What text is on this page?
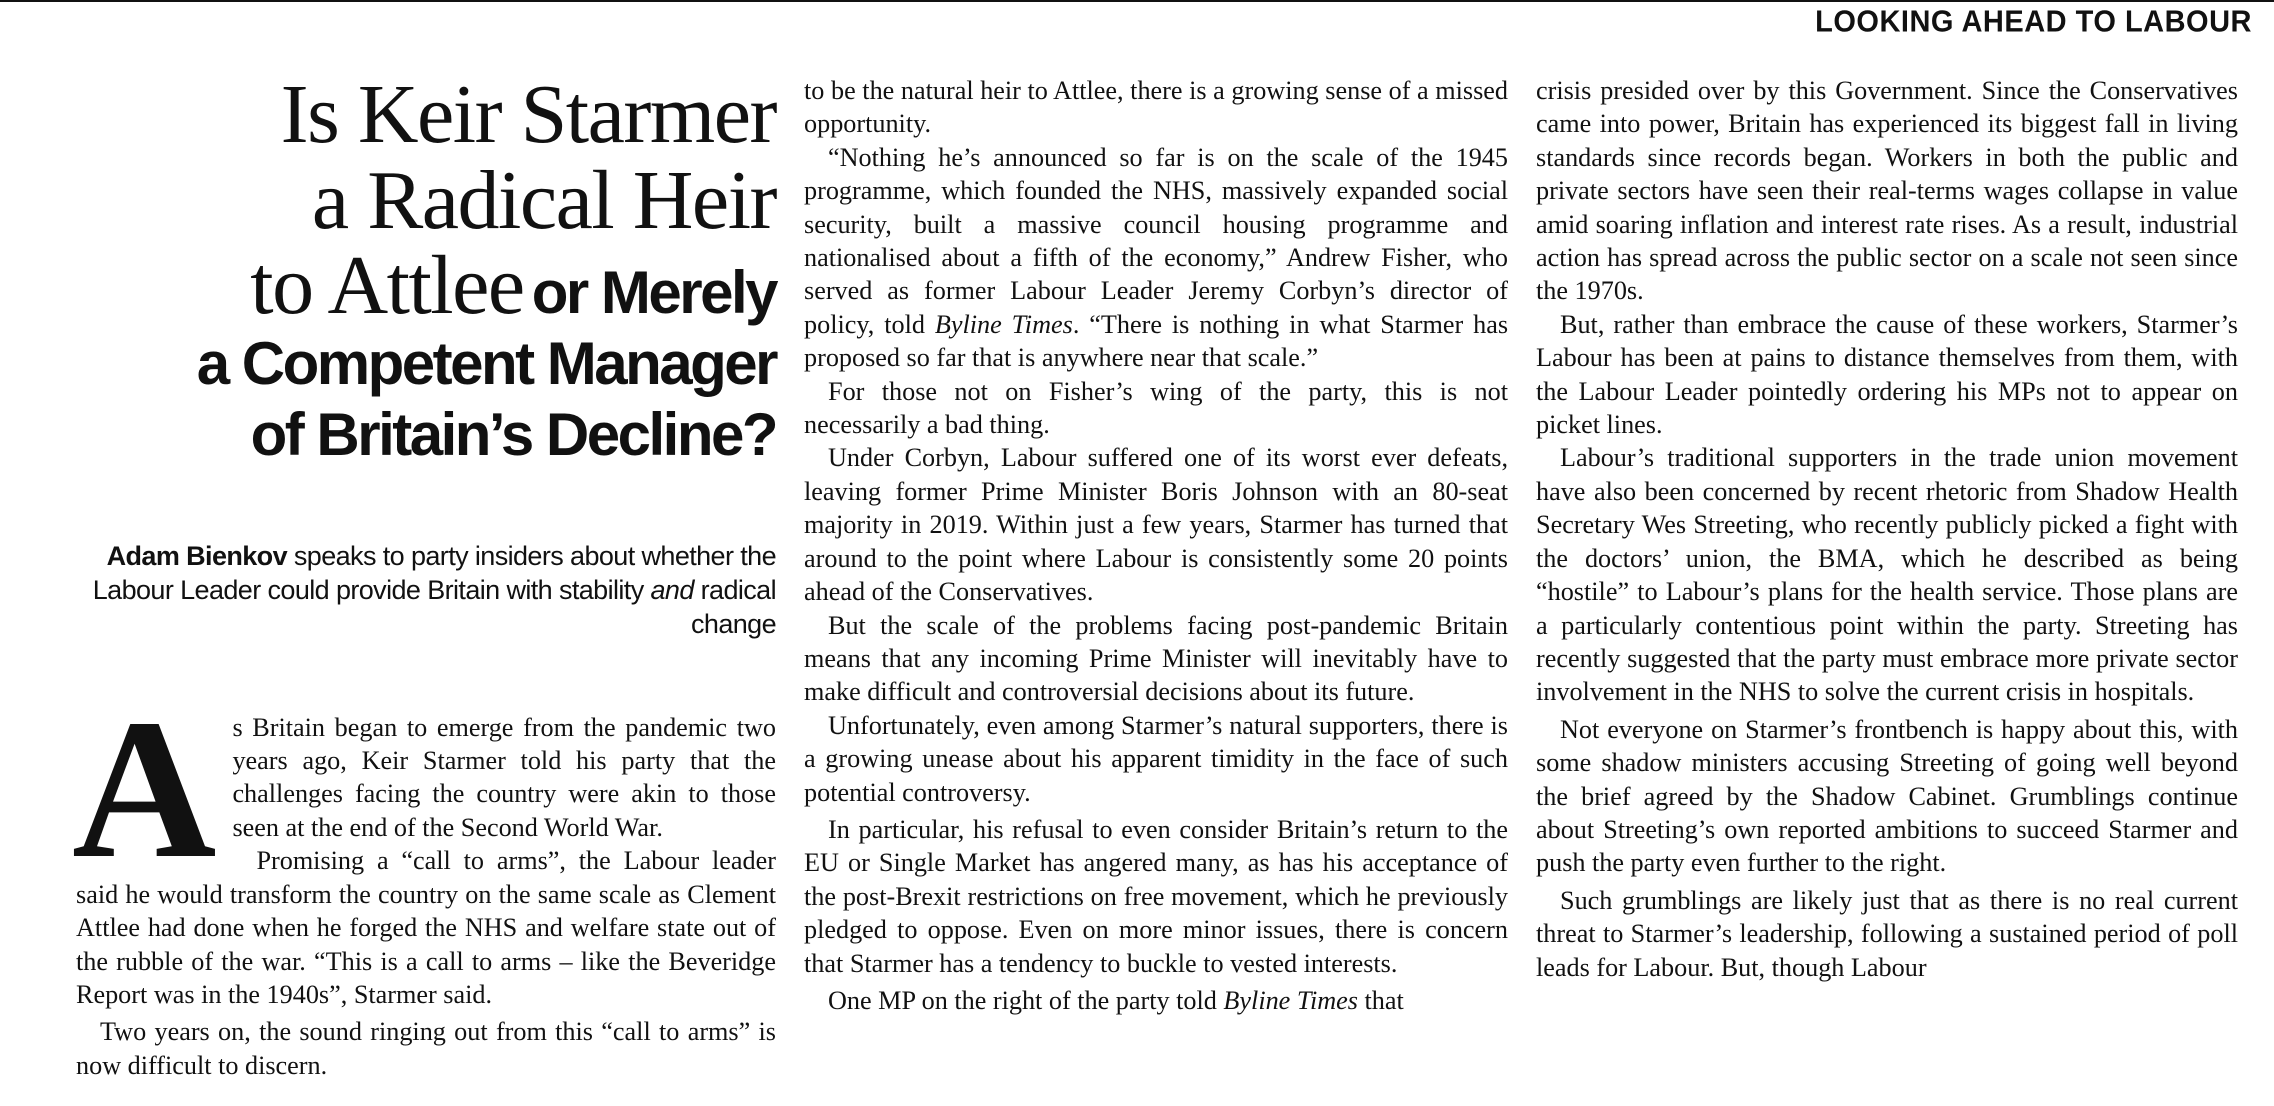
LOOKING AHEAD TO LABOUR
Is Keir Starmer
a Radical Heir
to Attlee or Merely
a Competent Manager
of Britain’s Decline?

Adam Bienkov speaks to party insiders about whether the Labour Leader could provide Britain with stability and radical change

As Britain began to emerge from the pandemic two years ago, Keir Starmer told his party that the challenges facing the country were akin to those seen at the end of the Second World War.

Promising a “call to arms”, the Labour leader said he would transform the country on the same scale as Clement Attlee had done when he forged the NHS and welfare state out of the rubble of the war. “This is a call to arms – like the Beveridge Report was in the 1940s”, Starmer said.

Two years on, the sound ringing out from this “call to arms” is now difficult to discern.

to be the natural heir to Attlee, there is a growing sense of a missed opportunity.

“Nothing he’s announced so far is on the scale of the 1945 programme, which founded the NHS, massively expanded social security, built a massive council housing programme and nationalised about a fifth of the economy,” Andrew Fisher, who served as former Labour Leader Jeremy Corbyn’s director of policy, told Byline Times. “There is nothing in what Starmer has proposed so far that is anywhere near that scale.”

For those not on Fisher’s wing of the party, this is not necessarily a bad thing.

Under Corbyn, Labour suffered one of its worst ever defeats, leaving former Prime Minister Boris Johnson with an 80-seat majority in 2019. Within just a few years, Starmer has turned that around to the point where Labour is consistently some 20 points ahead of the Conservatives.

But the scale of the problems facing post-pandemic Britain means that any incoming Prime Minister will inevitably have to make difficult and controversial decisions about its future.

Unfortunately, even among Starmer’s natural supporters, there is a growing unease about his apparent timidity in the face of such potential controversy.

In particular, his refusal to even consider Britain’s return to the EU or Single Market has angered many, as has his acceptance of the post-Brexit restrictions on free movement, which he previously pledged to oppose. Even on more minor issues, there is concern that Starmer has a tendency to buckle to vested interests.

One MP on the right of the party told Byline Times that

crisis presided over by this Government. Since the Conservatives came into power, Britain has experienced its biggest fall in living standards since records began. Workers in both the public and private sectors have seen their real-terms wages collapse in value amid soaring inflation and interest rate rises. As a result, industrial action has spread across the public sector on a scale not seen since the 1970s.

But, rather than embrace the cause of these workers, Starmer’s Labour has been at pains to distance themselves from them, with the Labour Leader pointedly ordering his MPs not to appear on picket lines.

Labour’s traditional supporters in the trade union movement have also been concerned by recent rhetoric from Shadow Health Secretary Wes Streeting, who recently publicly picked a fight with the doctors’ union, the BMA, which he described as being “hostile” to Labour’s plans for the health service. Those plans are a particularly contentious point within the party. Streeting has recently suggested that the party must embrace more private sector involvement in the NHS to solve the current crisis in hospitals.

Not everyone on Starmer’s frontbench is happy about this, with some shadow ministers accusing Streeting of going well beyond the brief agreed by the Shadow Cabinet. Grumblings continue about Streeting’s own reported ambitions to succeed Starmer and push the party even further to the right.

Such grumblings are likely just that as there is no real current threat to Starmer’s leadership, following a sustained period of poll leads for Labour. But, though Labour
